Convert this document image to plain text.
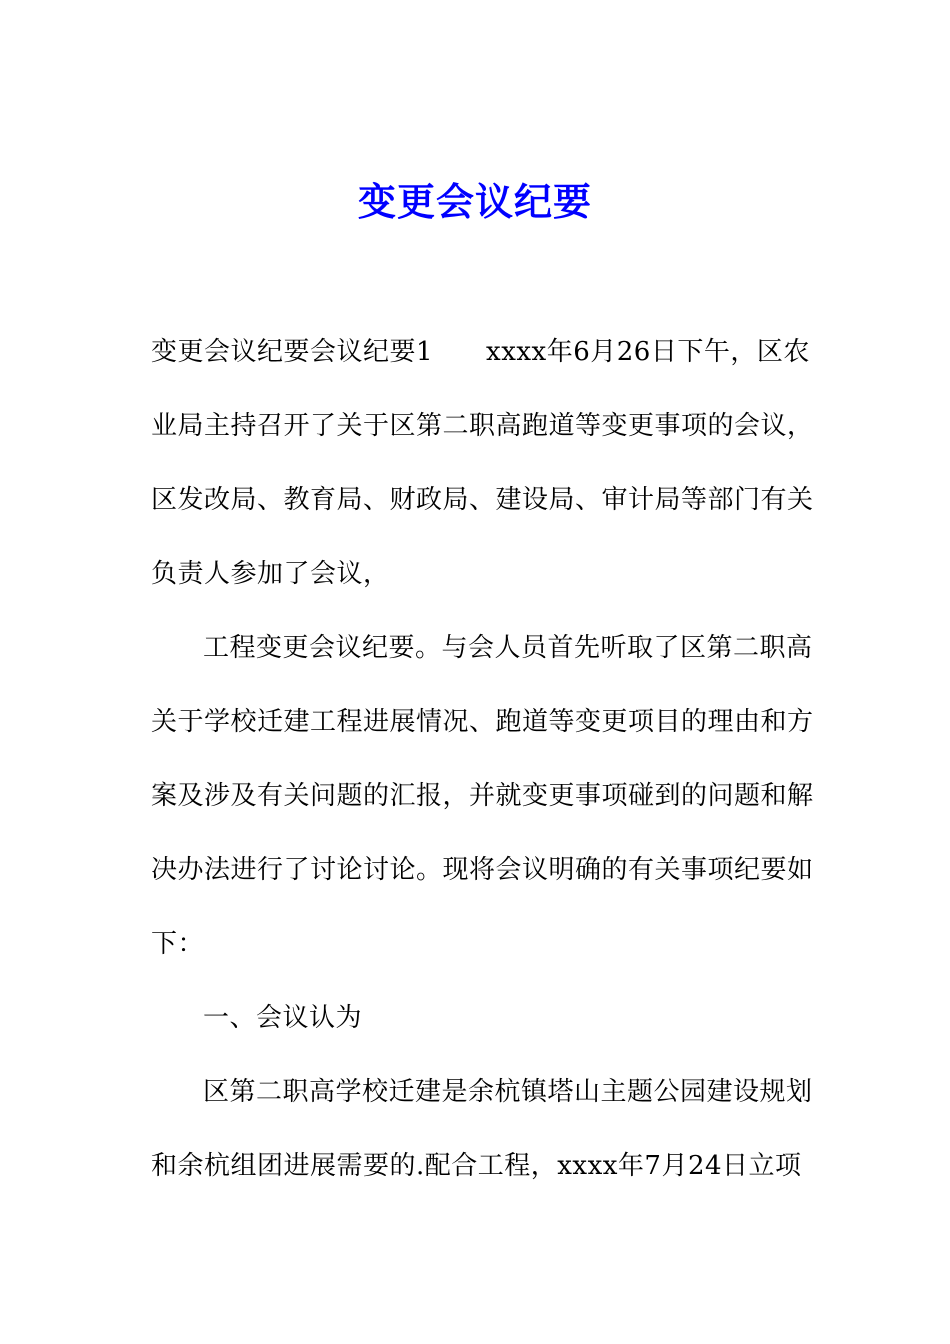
变更会议纪要
变更会议纪要会议纪要1　　xxxx年6月26日下午，区农
业局主持召开了关于区第二职高跑道等变更事项的会议，
区发改局、教育局、财政局、建设局、审计局等部门有关
负责人参加了会议，
工程变更会议纪要。与会人员首先听取了区第二职高
关于学校迁建工程进展情况、跑道等变更项目的理由和方
案及涉及有关问题的汇报，并就变更事项碰到的问题和解
决办法进行了讨论讨论。现将会议明确的有关事项纪要如
下：
一、会议认为
区第二职高学校迁建是余杭镇塔山主题公园建设规划
和余杭组团进展需要的.配合工程，xxxx年7月24日立项
